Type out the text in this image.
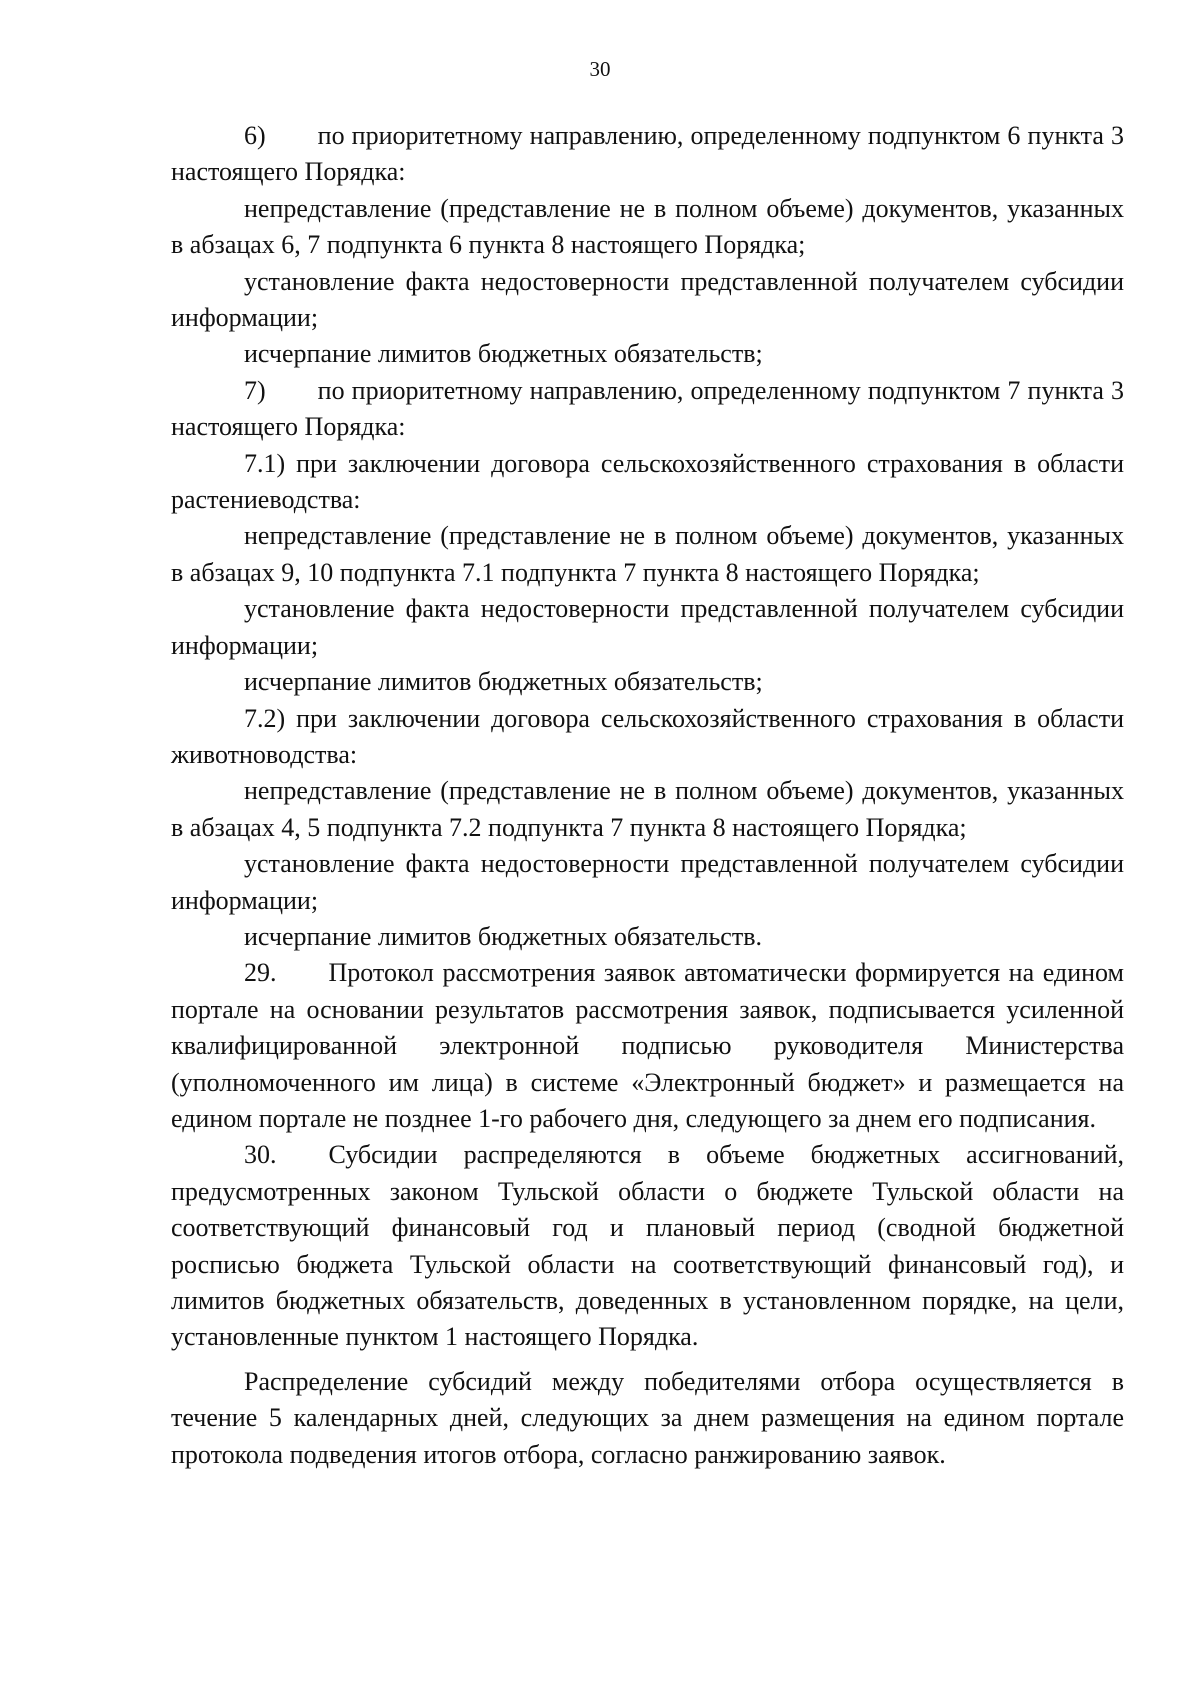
30

6)  по приоритетному направлению, определенному подпунктом 6 пункта 3 настоящего Порядка:

непредставление (представление не в полном объеме) документов, указанных в абзацах 6, 7 подпункта 6 пункта 8 настоящего Порядка;

установление факта недостоверности представленной получателем субсидии информации;

исчерпание лимитов бюджетных обязательств;

7)  по приоритетному направлению, определенному подпунктом 7 пункта 3 настоящего Порядка:

7.1) при заключении договора сельскохозяйственного страхования в области растениеводства:

непредставление (представление не в полном объеме) документов, указанных в абзацах 9, 10 подпункта 7.1 подпункта 7 пункта 8 настоящего Порядка;

установление факта недостоверности представленной получателем субсидии информации;

исчерпание лимитов бюджетных обязательств;

7.2) при заключении договора сельскохозяйственного страхования в области животноводства:

непредставление (представление не в полном объеме) документов, указанных в абзацах 4, 5 подпункта 7.2 подпункта 7 пункта 8 настоящего Порядка;

установление факта недостоверности представленной получателем субсидии информации;

исчерпание лимитов бюджетных обязательств.

29.  Протокол рассмотрения заявок автоматически формируется на едином портале на основании результатов рассмотрения заявок, подписывается усиленной квалифицированной электронной подписью руководителя Министерства (уполномоченного им лица) в системе «Электронный бюджет» и размещается на едином портале не позднее 1-го рабочего дня, следующего за днем его подписания.

30.  Субсидии распределяются в объеме бюджетных ассигнований, предусмотренных законом Тульской области о бюджете Тульской области на соответствующий финансовый год и плановый период (сводной бюджетной росписью бюджета Тульской области на соответствующий финансовый год), и лимитов бюджетных обязательств, доведенных в установленном порядке, на цели, установленные пунктом 1 настоящего Порядка.

Распределение субсидий между победителями отбора осуществляется в течение 5 календарных дней, следующих за днем размещения на едином портале протокола подведения итогов отбора, согласно ранжированию заявок.
